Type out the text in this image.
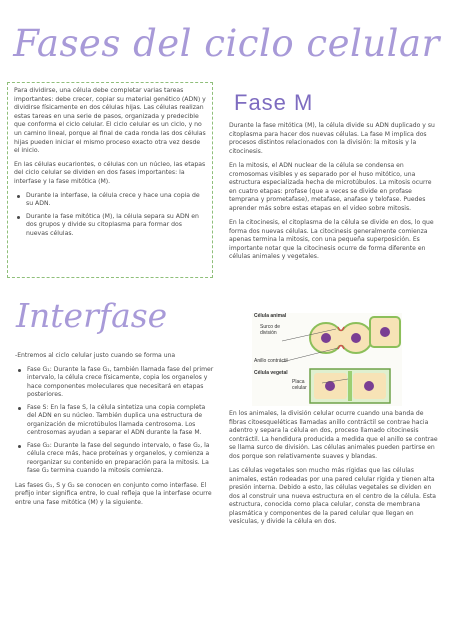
Fases del ciclo celular

Para dividirse, una célula debe completar varias tareas importantes: debe crecer, copiar su material genético (ADN) y dividirse físicamente en dos células hijas. Las células realizan estas tareas en una serie de pasos, organizada y predecible que conforma el ciclo celular. El ciclo celular es un ciclo, y no un camino lineal, porque al final de cada ronda las dos células hijas pueden iniciar el mismo proceso exacto otra vez desde el inicio.

En las células eucariontes, o células con un núcleo, las etapas del ciclo celular se dividen en dos fases importantes: la interfase y la fase mitótica (M).

Durante la interfase, la célula crece y hace una copia de su ADN.
Durante la fase mitótica (M), la célula separa su ADN en dos grupos y divide su citoplasma para formar dos nuevas células.
Interfase

-Entremos al ciclo celular justo cuando se forma una

Fase G₁: Durante la fase G₁, también llamada fase del primer intervalo, la célula crece físicamente, copia los organelos y hace componentes moleculares que necesitará en etapas posteriores.
Fase S: En la fase S, la célula sintetiza una copia completa del ADN en su núcleo. También duplica una estructura de organización de microtúbulos llamada centrosoma. Los centrosomas ayudan a separar el ADN durante la fase M.
Fase G₂: Durante la fase del segundo intervalo, o fase G₂, la célula crece más, hace proteínas y organelos, y comienza a reorganizar su contenido en preparación para la mitosis. La fase G₂ termina cuando la mitosis comienza.

Las fases G₁, S y G₂ se conocen en conjunto como interfase. El prefijo inter significa entre, lo cual refleja que la interfase ocurre entre una fase mitótica (M) y la siguiente.

Fase M

Durante la fase mitótica (M), la célula divide su ADN duplicado y su citoplasma para hacer dos nuevas células. La fase M implica dos procesos distintos relacionados con la división: la mitosis y la citocinesis.

En la mitosis, el ADN nuclear de la célula se condensa en cromosomas visibles y es separado por el huso mitótico, una estructura especializada hecha de microtúbulos. La mitosis ocurre en cuatro etapas: profase (que a veces se divide en profase temprana y prometafase), metafase, anafase y telofase. Puedes aprender más sobre estas etapas en el video sobre mitosis.

En la citocinesis, el citoplasma de la célula se divide en dos, lo que forma dos nuevas células. La citocinesis generalmente comienza apenas termina la mitosis, con una pequeña superposición. Es importante notar que la citocinesis ocurre de forma diferente en células animales y vegetales.

Célula animal
Surco de división
Anillo contráctil
Célula vegetal
Placa celular

En los animales, la división celular ocurre cuando una banda de fibras citoesqueléticas llamadas anillo contráctil se contrae hacia adentro y separa la célula en dos, proceso llamado citocinesis contráctil. La hendidura producida a medida que el anillo se contrae se llama surco de división. Las células animales pueden partirse en dos porque son relativamente suaves y blandas.

Las células vegetales son mucho más rígidas que las células animales, están rodeadas por una pared celular rígida y tienen alta presión interna. Debido a esto, las células vegetales se dividen en dos al construir una nueva estructura en el centro de la célula. Esta estructura, conocida como placa celular, consta de membrana plasmática y componentes de la pared celular que llegan en vesículas, y divide la célula en dos.
